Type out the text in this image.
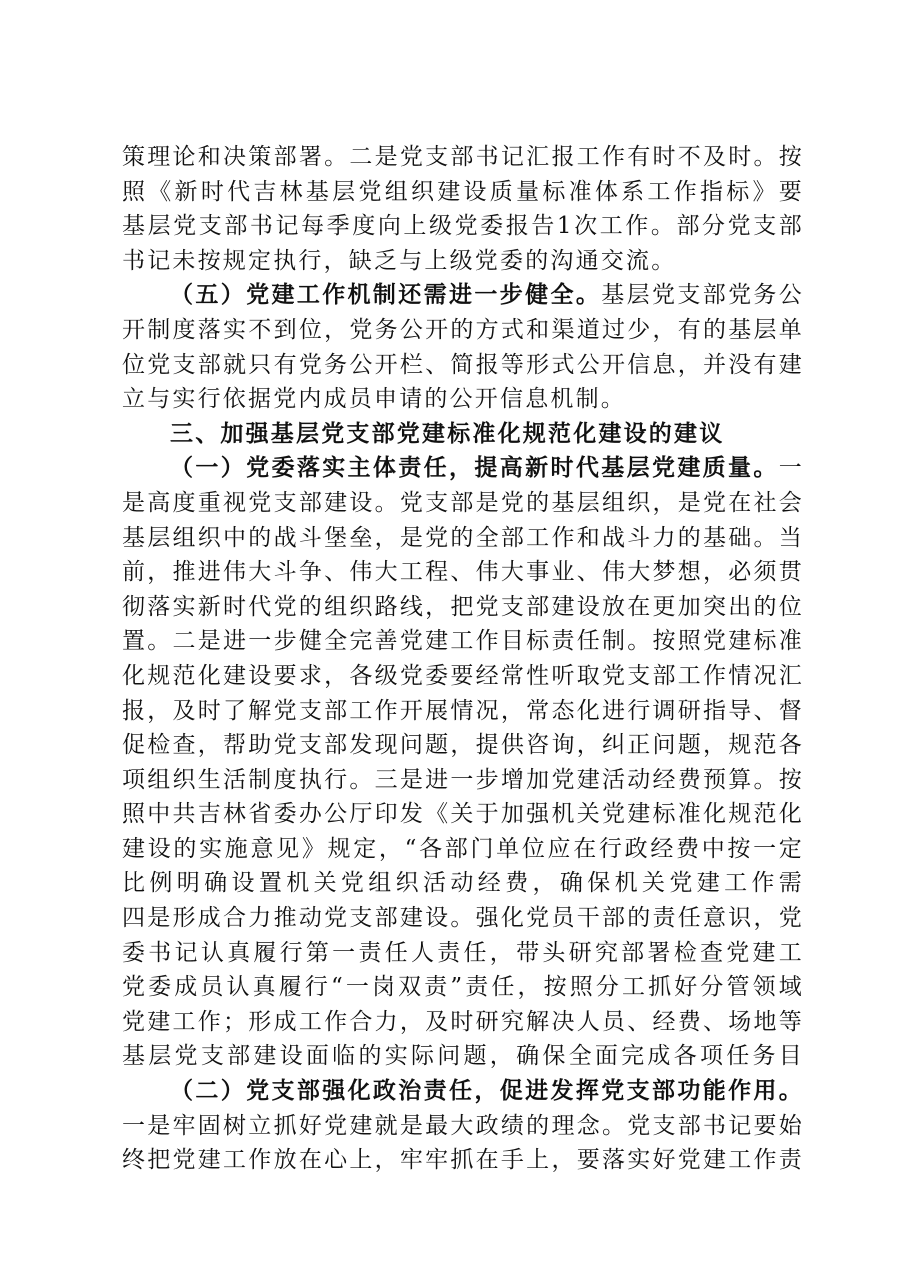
策理论和决策部署。二是党支部书记汇报工作有时不及时。按
照《新时代吉林基层党组织建设质量标准体系工作指标》要
基层党支部书记每季度向上级党委报告1次工作。部分党支部
书记未按规定执行，缺乏与上级党委的沟通交流。
（五）党建工作机制还需进一步健全。基层党支部党务公
开制度落实不到位，党务公开的方式和渠道过少，有的基层单
位党支部就只有党务公开栏、简报等形式公开信息，并没有建
立与实行依据党内成员申请的公开信息机制。
三、加强基层党支部党建标准化规范化建设的建议
（一）党委落实主体责任，提高新时代基层党建质量。一
是高度重视党支部建设。党支部是党的基层组织，是党在社会
基层组织中的战斗堡垒，是党的全部工作和战斗力的基础。当
前，推进伟大斗争、伟大工程、伟大事业、伟大梦想，必须贯
彻落实新时代党的组织路线，把党支部建设放在更加突出的位
置。二是进一步健全完善党建工作目标责任制。按照党建标准
化规范化建设要求，各级党委要经常性听取党支部工作情况汇
报，及时了解党支部工作开展情况，常态化进行调研指导、督
促检查，帮助党支部发现问题，提供咨询，纠正问题，规范各
项组织生活制度执行。三是进一步增加党建活动经费预算。按
照中共吉林省委办公厅印发《关于加强机关党建标准化规范化
建设的实施意见》规定，“各部门单位应在行政经费中按一定
比例明确设置机关党组织活动经费，确保机关党建工作需
四是形成合力推动党支部建设。强化党员干部的责任意识，党
委书记认真履行第一责任人责任，带头研究部署检查党建工
党委成员认真履行“一岗双责”责任，按照分工抓好分管领域
党建工作；形成工作合力，及时研究解决人员、经费、场地等
基层党支部建设面临的实际问题，确保全面完成各项任务目
（二）党支部强化政治责任，促进发挥党支部功能作用。
一是牢固树立抓好党建就是最大政绩的理念。党支部书记要始
终把党建工作放在心上，牢牢抓在手上，要落实好党建工作责
